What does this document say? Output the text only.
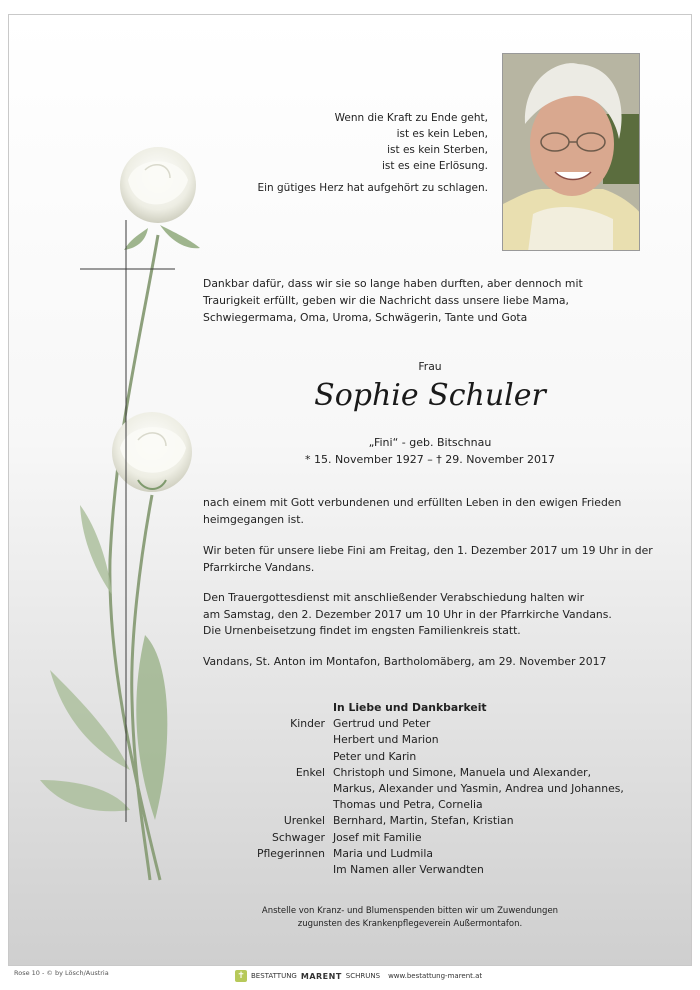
Wenn die Kraft zu Ende geht,
ist es kein Leben,
ist es kein Sterben,
ist es eine Erlösung.
Ein gütiges Herz hat aufgehört zu schlagen.
Dankbar dafür, dass wir sie so lange haben durften, aber dennoch mit Traurigkeit erfüllt, geben wir die Nachricht dass unsere liebe Mama, Schwiegermama, Oma, Uroma, Schwägerin, Tante und Gota
Frau
Sophie Schuler
„Fini“ - geb. Bitschnau
* 15. November 1927 – † 29. November 2017
nach einem mit Gott verbundenen und erfüllten Leben in den ewigen Frieden heimgegangen ist.
Wir beten für unsere liebe Fini am Freitag, den 1. Dezember 2017 um 19 Uhr in der Pfarrkirche Vandans.
Den Trauergottesdienst mit anschließender Verabschiedung halten wir
am Samstag, den 2. Dezember 2017 um 10 Uhr in der Pfarrkirche Vandans.
Die Urnenbeisetzung findet im engsten Familienkreis statt.
Vandans, St. Anton im Montafon, Bartholomäberg, am 29. November 2017
In Liebe und Dankbarkeit
Kinder Gertrud und Peter
Herbert und Marion
Peter und Karin
Enkel Christoph und Simone, Manuela und Alexander,
Markus, Alexander und Yasmin, Andrea und Johannes,
Thomas und Petra, Cornelia
Urenkel Bernhard, Martin, Stefan, Kristian
Schwager Josef mit Familie
Pflegerinnen Maria und Ludmila
Im Namen aller Verwandten
Anstelle von Kranz- und Blumenspenden bitten wir um Zuwendungen
zugunsten des Krankenpflegeverein Außermontafon.
Rose 10 - © by Lösch/Austria	✝ BESTATTUNG MARENT SCHRUNS www.bestattung-marent.at
